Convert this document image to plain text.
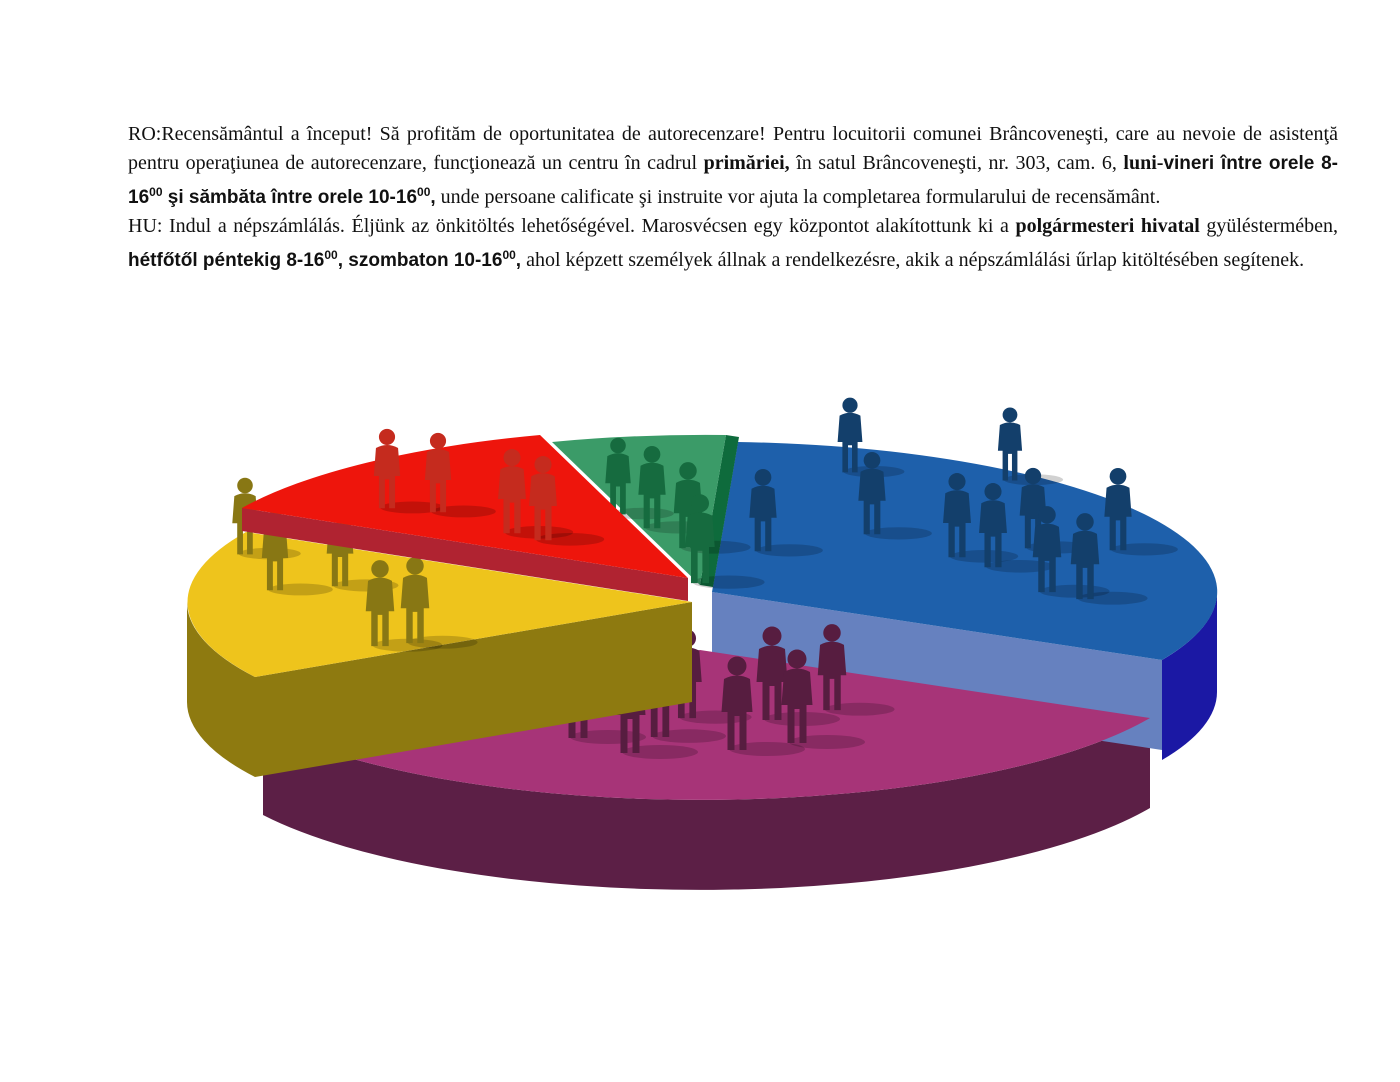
RO:Recensământul a început! Să profităm de oportunitatea de autorecenzare! Pentru locuitorii comunei Brâncoveneşti, care au nevoie de asistenţă pentru operaţiunea de autorecenzare, funcţionează un centru în cadrul primăriei, în satul Brâncoveneşti, nr. 303, cam. 6, luni-vineri între orele $8-16^{00}$ şi sămbăta între orele $10-16^{00}$, unde persoane calificate şi instruite vor ajuta la completarea formularului de recensământ.

HU: Indul a népszámlálás. Éljünk az önkitöltés lehetőségével. Marosvécsen egy központot alakítottunk ki a polgármesteri hivatal gyüléstermében, hétfőtől péntekig $8-16^{00}$, szombaton $10-16^{00}$, ahol képzett személyek állnak a rendelkezésre, akik a népszámlálási űrlap kitöltésében segítenek.
